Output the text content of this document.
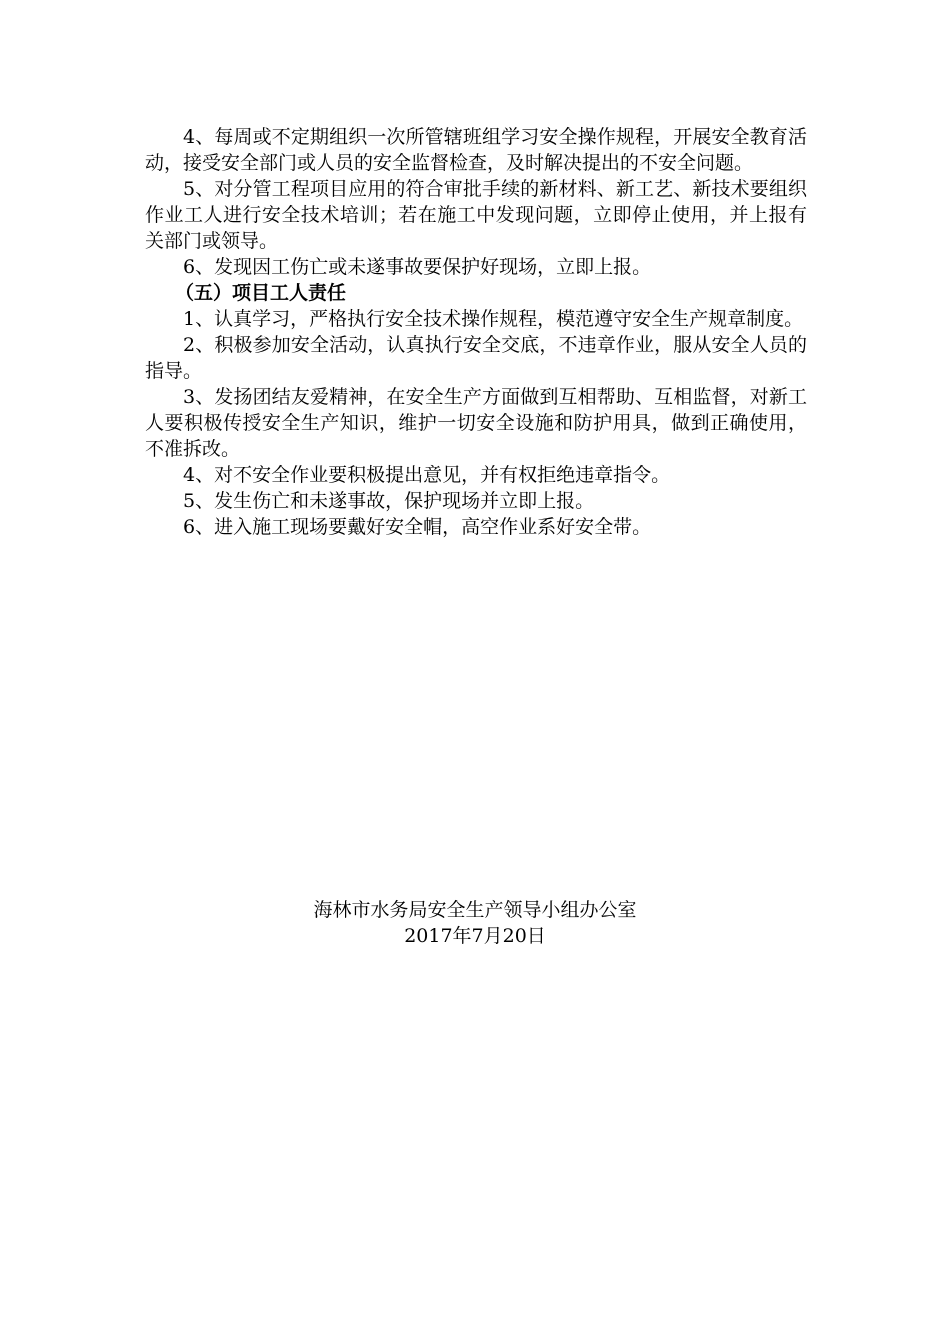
4、每周或不定期组织一次所管辖班组学习安全操作规程，开展安全教育活动，接受安全部门或人员的安全监督检查，及时解决提出的不安全问题。

5、对分管工程项目应用的符合审批手续的新材料、新工艺、新技术要组织作业工人进行安全技术培训；若在施工中发现问题，立即停止使用，并上报有关部门或领导。

6、发现因工伤亡或未遂事故要保护好现场，立即上报。

（五）项目工人责任

1、认真学习，严格执行安全技术操作规程，模范遵守安全生产规章制度。

2、积极参加安全活动，认真执行安全交底，不违章作业，服从安全人员的指导。

3、发扬团结友爱精神，在安全生产方面做到互相帮助、互相监督，对新工人要积极传授安全生产知识，维护一切安全设施和防护用具，做到正确使用，不准拆改。

4、对不安全作业要积极提出意见，并有权拒绝违章指令。

5、发生伤亡和未遂事故，保护现场并立即上报。

6、进入施工现场要戴好安全帽，高空作业系好安全带。

海林市水务局安全生产领导小组办公室
2017年7月20日
